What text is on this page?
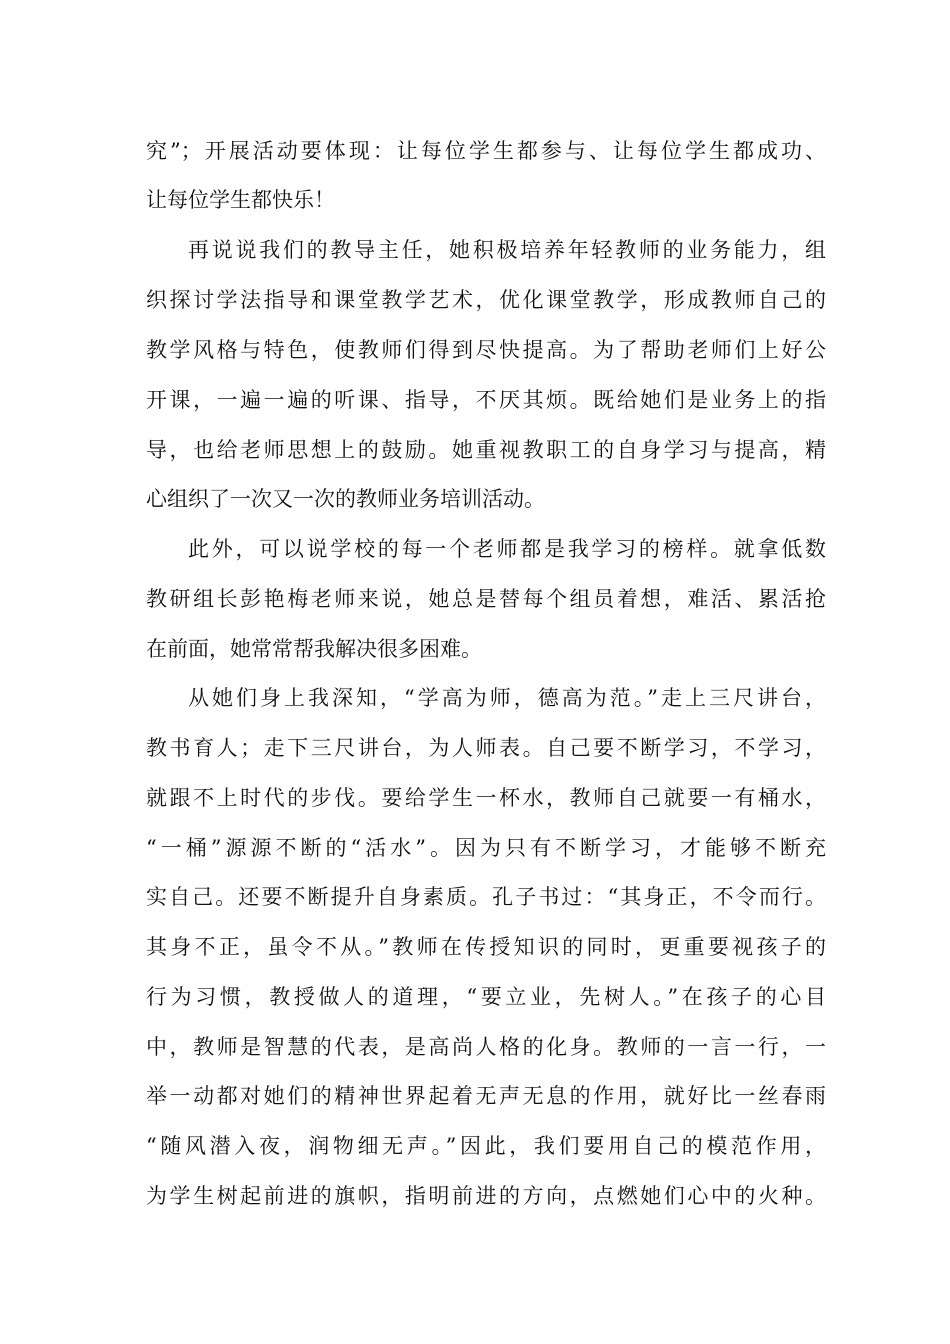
究”；开展活动要体现：让每位学生都参与、让每位学生都成功、
让每位学生都快乐！
再说说我们的教导主任，她积极培养年轻教师的业务能力，组
织探讨学法指导和课堂教学艺术，优化课堂教学，形成教师自己的
教学风格与特色，使教师们得到尽快提高。为了帮助老师们上好公
开课，一遍一遍的听课、指导，不厌其烦。既给她们是业务上的指
导，也给老师思想上的鼓励。她重视教职工的自身学习与提高，精
心组织了一次又一次的教师业务培训活动。
此外，可以说学校的每一个老师都是我学习的榜样。就拿低数
教研组长彭艳梅老师来说，她总是替每个组员着想，难活、累活抢
在前面，她常常帮我解决很多困难。
从她们身上我深知，“学高为师，德高为范。”走上三尺讲台，
教书育人；走下三尺讲台，为人师表。自己要不断学习，不学习，
就跟不上时代的步伐。要给学生一杯水，教师自己就要一有桶水，
“一桶”源源不断的“活水”。因为只有不断学习，才能够不断充
实自己。还要不断提升自身素质。孔子书过：“其身正，不令而行。
其身不正，虽令不从。”教师在传授知识的同时，更重要视孩子的
行为习惯，教授做人的道理，“要立业，先树人。”在孩子的心目
中，教师是智慧的代表，是高尚人格的化身。教师的一言一行，一
举一动都对她们的精神世界起着无声无息的作用，就好比一丝春雨
“随风潜入夜，润物细无声。”因此，我们要用自己的模范作用，
为学生树起前进的旗帜，指明前进的方向，点燃她们心中的火种。
